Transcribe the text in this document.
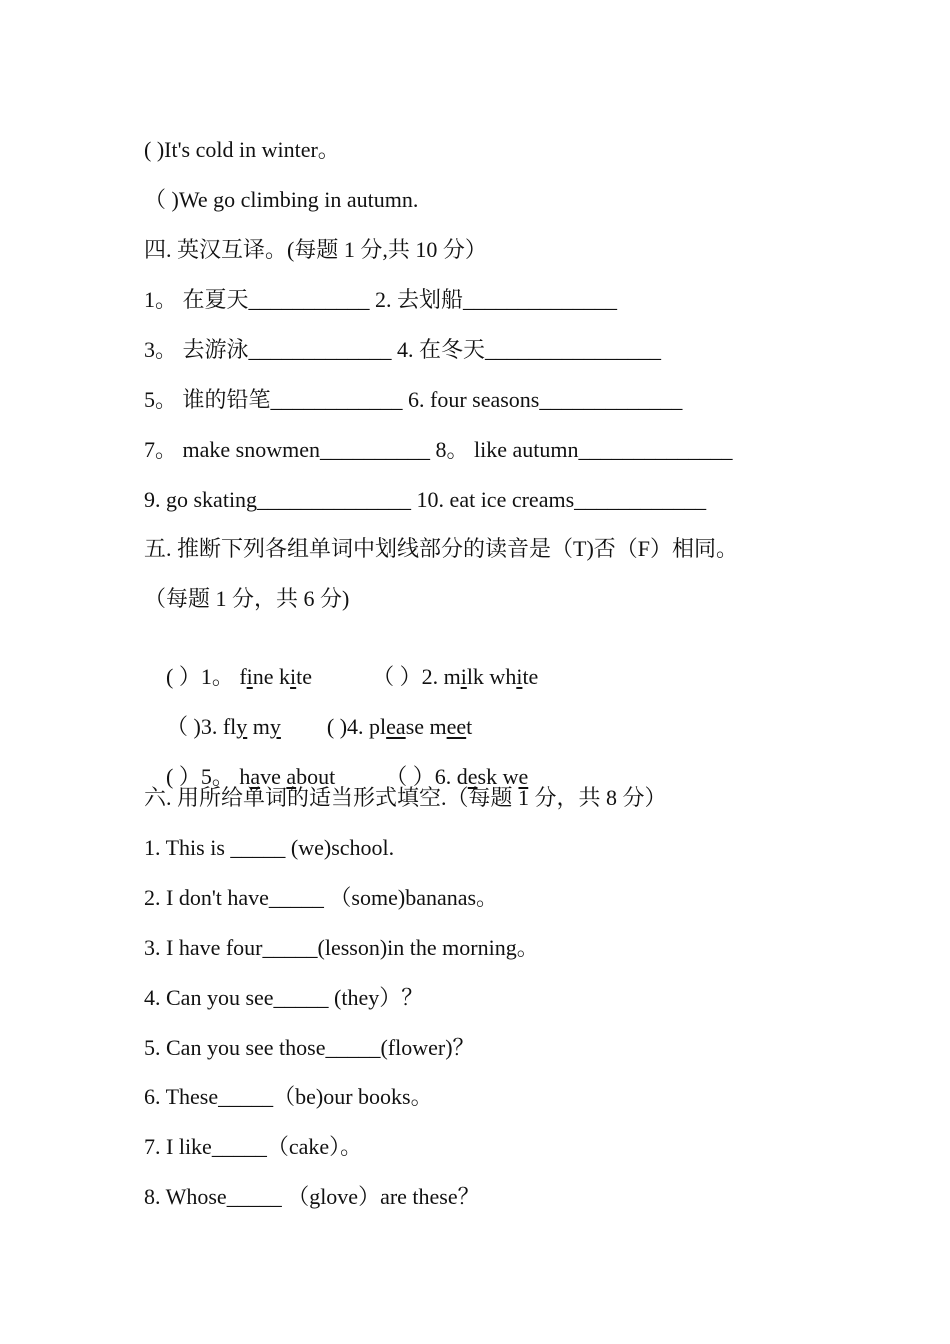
( )It's cold in winter。
（ )We go climbing in autumn.
四. 英汉互译。(每题 1 分,共 10 分）
1。 在夏天___________ 2. 去划船______________
3。 去游泳_____________ 4. 在冬天________________
5。 谁的铅笔____________ 6. four seasons_____________
7。 make snowmen__________ 8。 like autumn______________
9. go skating______________ 10. eat ice creams____________
五. 推断下列各组单词中划线部分的读音是（T)否（F）相同。
（每题 1 分，共 6 分)

( ）1。 fine kite	（ ）2. milk white

（ )3. fly my ( )4. please meet

( ）5。 have about （ ）6. desk we

六. 用所给单词的适当形式填空.（每题 1 分，共 8 分）
1. This is _____ (we)school.
2. I don't have_____ （some)bananas。
3. I have four_____(lesson)in the morning。
4. Can you see_____ (they）？
5. Can you see those_____(flower)？
6. These_____（be)our books。
7. I like_____（cake）。
8. Whose_____ （glove）are these？
